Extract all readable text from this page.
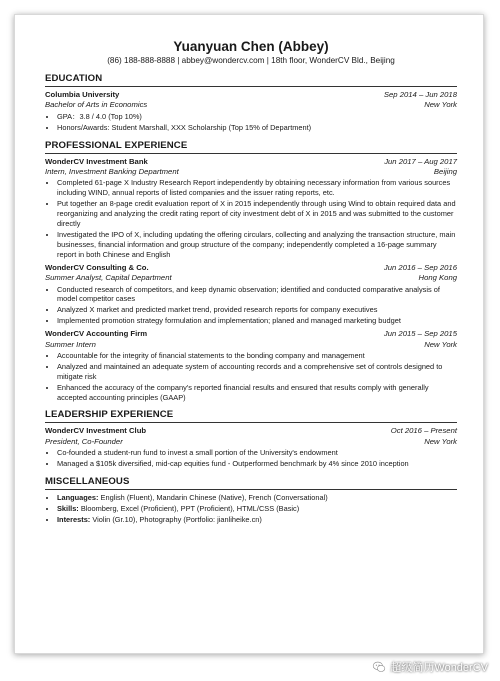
Yuanyuan Chen (Abbey)
(86) 188-888-8888 | abbey@wondercv.com | 18th floor, WonderCV Bld., Beijing
EDUCATION
Columbia University	Sep 2014 – Jun 2018
Bachelor of Arts in Economics	New York
• GPA：3.8 / 4.0 (Top 10%)
• Honors/Awards: Student Marshall, XXX Scholarship (Top 15% of Department)
PROFESSIONAL EXPERIENCE
WonderCV Investment Bank	Jun 2017 – Aug 2017
Intern, Investment Banking Department	Beijing
• Completed 61-page X Industry Research Report independently by obtaining necessary information from various sources including WIND, annual reports of listed companies and the issuer rating reports, etc.
• Put together an 8-page credit evaluation report of X in 2015 independently through using Wind to obtain required data and reorganizing and analyzing the credit rating report of city investment debt of X in 2015 and was submitted to the customer directly
• Investigated the IPO of X, including updating the offering circulars, collecting and analyzing the transaction structure, main businesses, financial information and group structure of the company; independently completed a 16-page summary report in both Chinese and English
WonderCV Consulting & Co.	Jun 2016 – Sep 2016
Summer Analyst, Capital Department	Hong Kong
• Conducted research of competitors, and keep dynamic observation; identified and conducted comparative analysis of model competitor cases
• Analyzed X market and predicted market trend, provided research reports for company executives
• Implemented promotion strategy formulation and implementation; planed and managed marketing budget
WonderCV Accounting Firm	Jun 2015 – Sep 2015
Summer Intern	New York
• Accountable for the integrity of financial statements to the bonding company and management
• Analyzed and maintained an adequate system of accounting records and a comprehensive set of controls designed to mitigate risk
• Enhanced the accuracy of the company's reported financial results and ensured that results comply with generally accepted accounting principles (GAAP)
LEADERSHIP EXPERIENCE
WonderCV Investment Club	Oct 2016 – Present
President, Co-Founder	New York
• Co-founded a student-run fund to invest a small portion of the University's endowment
• Managed a $105k diversified, mid-cap equities fund - Outperformed benchmark by 4% since 2010 inception
MISCELLANEOUS
• Languages: English (Fluent), Mandarin Chinese (Native), French (Conversational)
• Skills: Bloomberg, Excel (Proficient), PPT (Proficient), HTML/CSS (Basic)
• Interests: Violin (Gr.10), Photography (Portfolio: jianliheike.cn)
超级简历WonderCV
